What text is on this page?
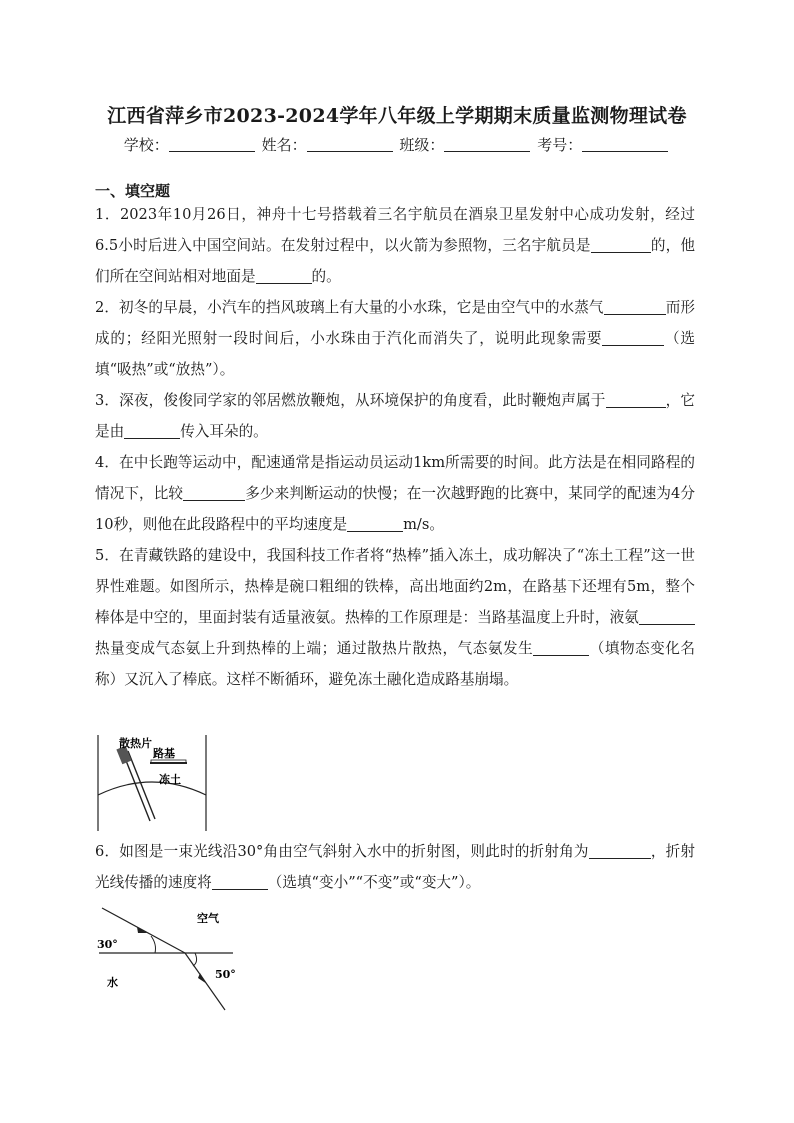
江西省萍乡市2023-2024学年八年级上学期期末质量监测物理试卷
学校：	姓名：	班级：	考号：
一、填空题
1．2023年10月26日，神舟十七号搭载着三名宇航员在酒泉卫星发射中心成功发射，经过6.5小时后进入中国空间站。在发射过程中，以火箭为参照物，三名宇航员是	的，他们所在空间站相对地面是	的。
2．初冬的早晨，小汽车的挡风玻璃上有大量的小水珠，它是由空气中的水蒸气	而形成的；经阳光照射一段时间后，小水珠由于汽化而消失了，说明此现象需要	（选填“吸热”或“放热”）。
3．深夜，俊俊同学家的邻居燃放鞭炮，从环境保护的角度看，此时鞭炮声属于	，它是由	传入耳朵的。
4．在中长跑等运动中，配速通常是指运动员运动1km所需要的时间。此方法是在相同路程的情况下，比较	多少来判断运动的快慢；在一次越野跑的比赛中，某同学的配速为4分10秒，则他在此段路程中的平均速度是	m/s。
5．在青藏铁路的建设中，我国科技工作者将“热棒”插入冻土，成功解决了“冻土工程”这一世界性难题。如图所示，热棒是碗口粗细的铁棒，高出地面约2m，在路基下还埋有5m，整个棒体是中空的，里面封装有适量液氨。热棒的工作原理是：当路基温度上升时，液氨热量变成气态氨上升到热棒的上端；通过散热片散热，气态氨发生	（填物态变化名称）又沉入了棒底。这样不断循环，避免冻土融化造成路基崩塌。
散热片
路基
冻土
6．如图是一束光线沿30°角由空气斜射入水中的折射图，则此时的折射角为	，折射光线传播的速度将	（选填“变小”“不变”或“变大”）。
30°
50°
空气
水
